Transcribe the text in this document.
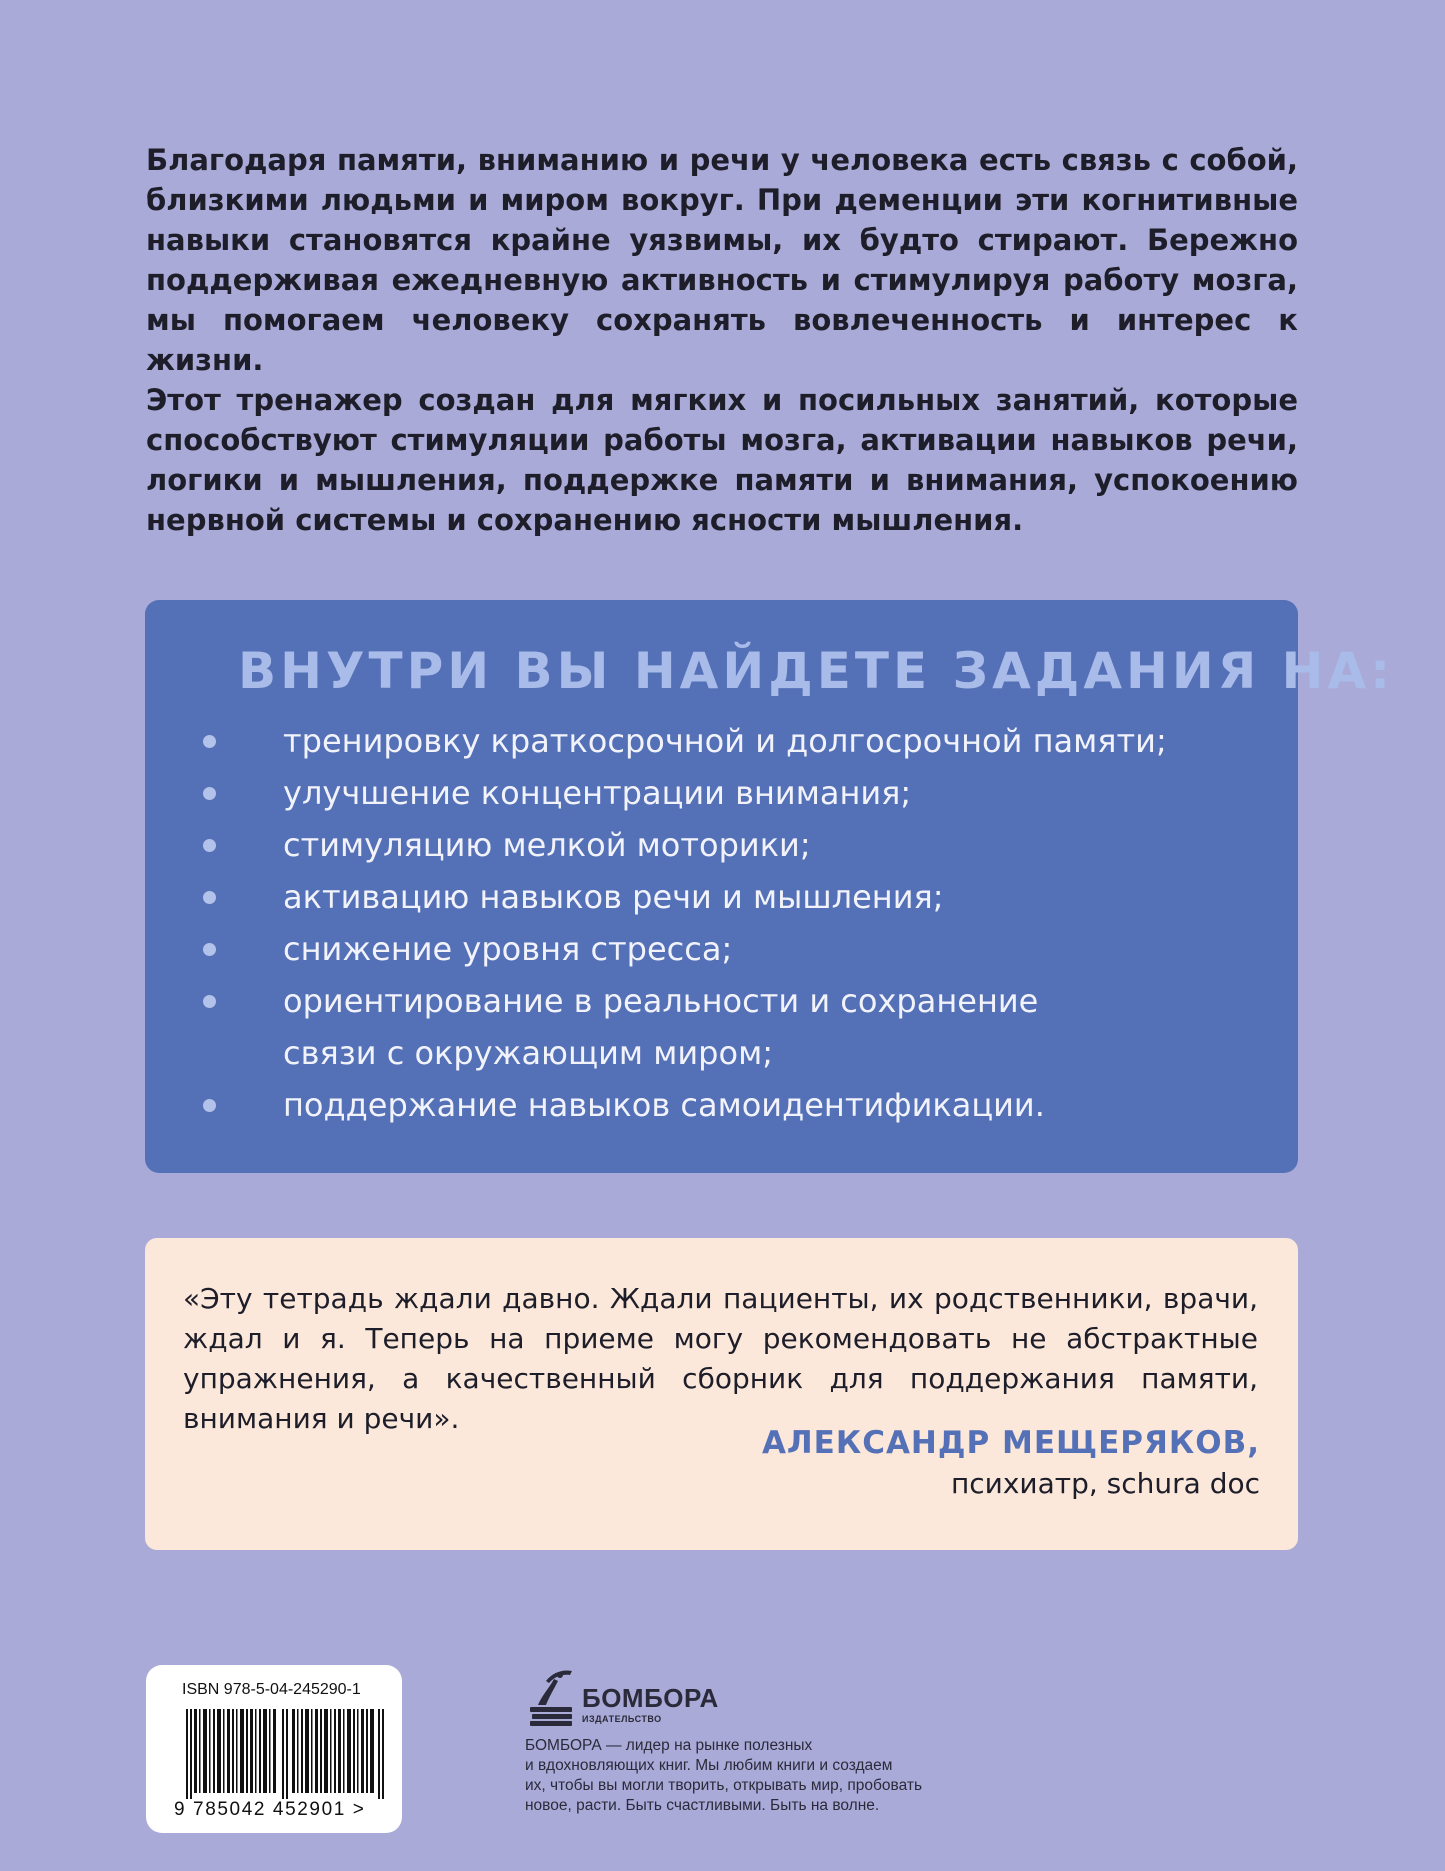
Благодаря памяти, вниманию и речи у человека есть связь с собой, близкими людьми и миром вокруг. При деменции эти когнитивные навыки становятся крайне уязвимы, их будто стирают. Бережно поддерживая ежедневную активность и стимулируя работу мозга, мы помогаем человеку сохранять вовлеченность и интерес к жизни.

Этот тренажер создан для мягких и посильных занятий, которые способствуют стимуляции работы мозга, активации навыков речи, логики и мышления, поддержке памяти и внимания, успокоению нервной системы и сохранению ясности мышления.

ВНУТРИ ВЫ НАЙДЕТЕ ЗАДАНИЯ НА:
тренировку краткосрочной и долгосрочной памяти;
улучшение концентрации внимания;
стимуляцию мелкой моторики;
активацию навыков речи и мышления;
снижение уровня стресса;
ориентирование в реальности и сохранение связи с окружающим миром;
поддержание навыков самоидентификации.

«Эту тетрадь ждали давно. Ждали пациенты, их родственники, врачи, ждал и я. Теперь на приеме могу рекомендовать не абстрактные упражнения, а качественный сборник для поддержания памяти, внимания и речи».

АЛЕКСАНДР МЕЩЕРЯКОВ,

психиатр, schura doc

ISBN 978-5-04-245290-1
9 785042 452901 >
БОМБОРА
ИЗДАТЕЛЬСТВО

БОМБОРА — лидер на рынке полезных
и вдохновляющих книг. Мы любим книги и создаем
их, чтобы вы могли творить, открывать мир, пробовать
новое, расти. Быть счастливыми. Быть на волне.
